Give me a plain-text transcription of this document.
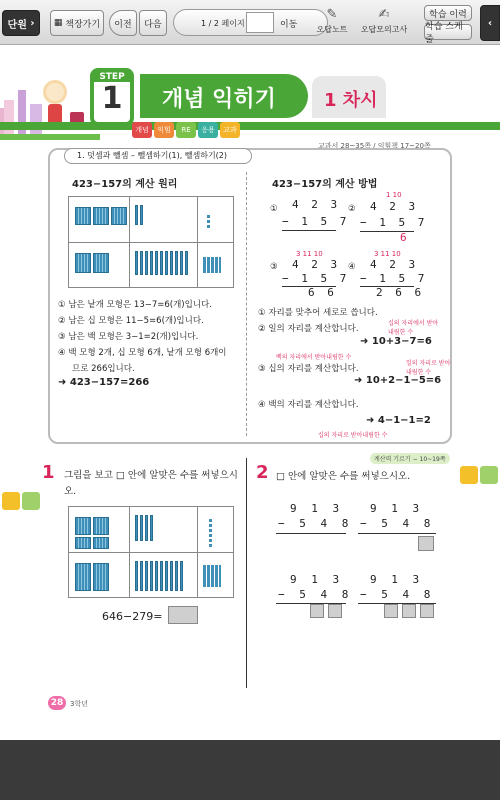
단원
› ▦
책장가기 이전 다음	1 / 2 페이지	이동
✎
오답노트
✍
오답모의고사
학습 이력
학습 스케줄
‹
STEP
1	개념 익히기	1 차시
개념	익힘	RE	응용	교과
교과서 28~35쪽 / 익힘책 17~20쪽
1. 덧셈과 뺄셈 – 뺄셈하기(1), 뺄셈하기(2)
423−157의 계산 원리	423−157의 계산 방법
① 남은 낱개 모형은 13−7=6(개)입니다.
② 남은 십 모형은 11−5=6(개)입니다.
③ 남은 백 모형은 3−1=2(개)입니다.
④ 백 모형 2개, 십 모형 6개, 낱개 모형 6개이
므로 266입니다.
➜ 423−157=266
① 4 2 3
− 1 5 7
②
1 10
4 2 3
− 1 5 7
6
③
3 11 10
4 2 3
− 1 5 7
6 6
④
3 11 10
4 2 3
− 1 5 7
2 6 6
① 자리를 맞추어 세로로 씁니다.
② 일의 자리를 계산합니다.
십의 자리에서 받아 내림한 수
➜ 10+3−7=6
백의 자리에서 받아내림한 수
③ 십의 자리를 계산합니다.
일의 자리로 받아내림한 수
➜ 10+2−1−5=6
④ 백의 자리를 계산합니다.
➜ 4−1−1=2
십의 자리로 받아내림한 수
계산력 기르기 − 10~19쪽
1 그림을 보고 □ 안에 알맞은 수를 써넣으시오.
646−279=
2 □ 안에 알맞은 수를 써넣으시오.
9 1 3
− 5 4 8
9 1 3
− 5 4 8
9 1 3
− 5 4 8
9 1 3
− 5 4 8
28 3학년
